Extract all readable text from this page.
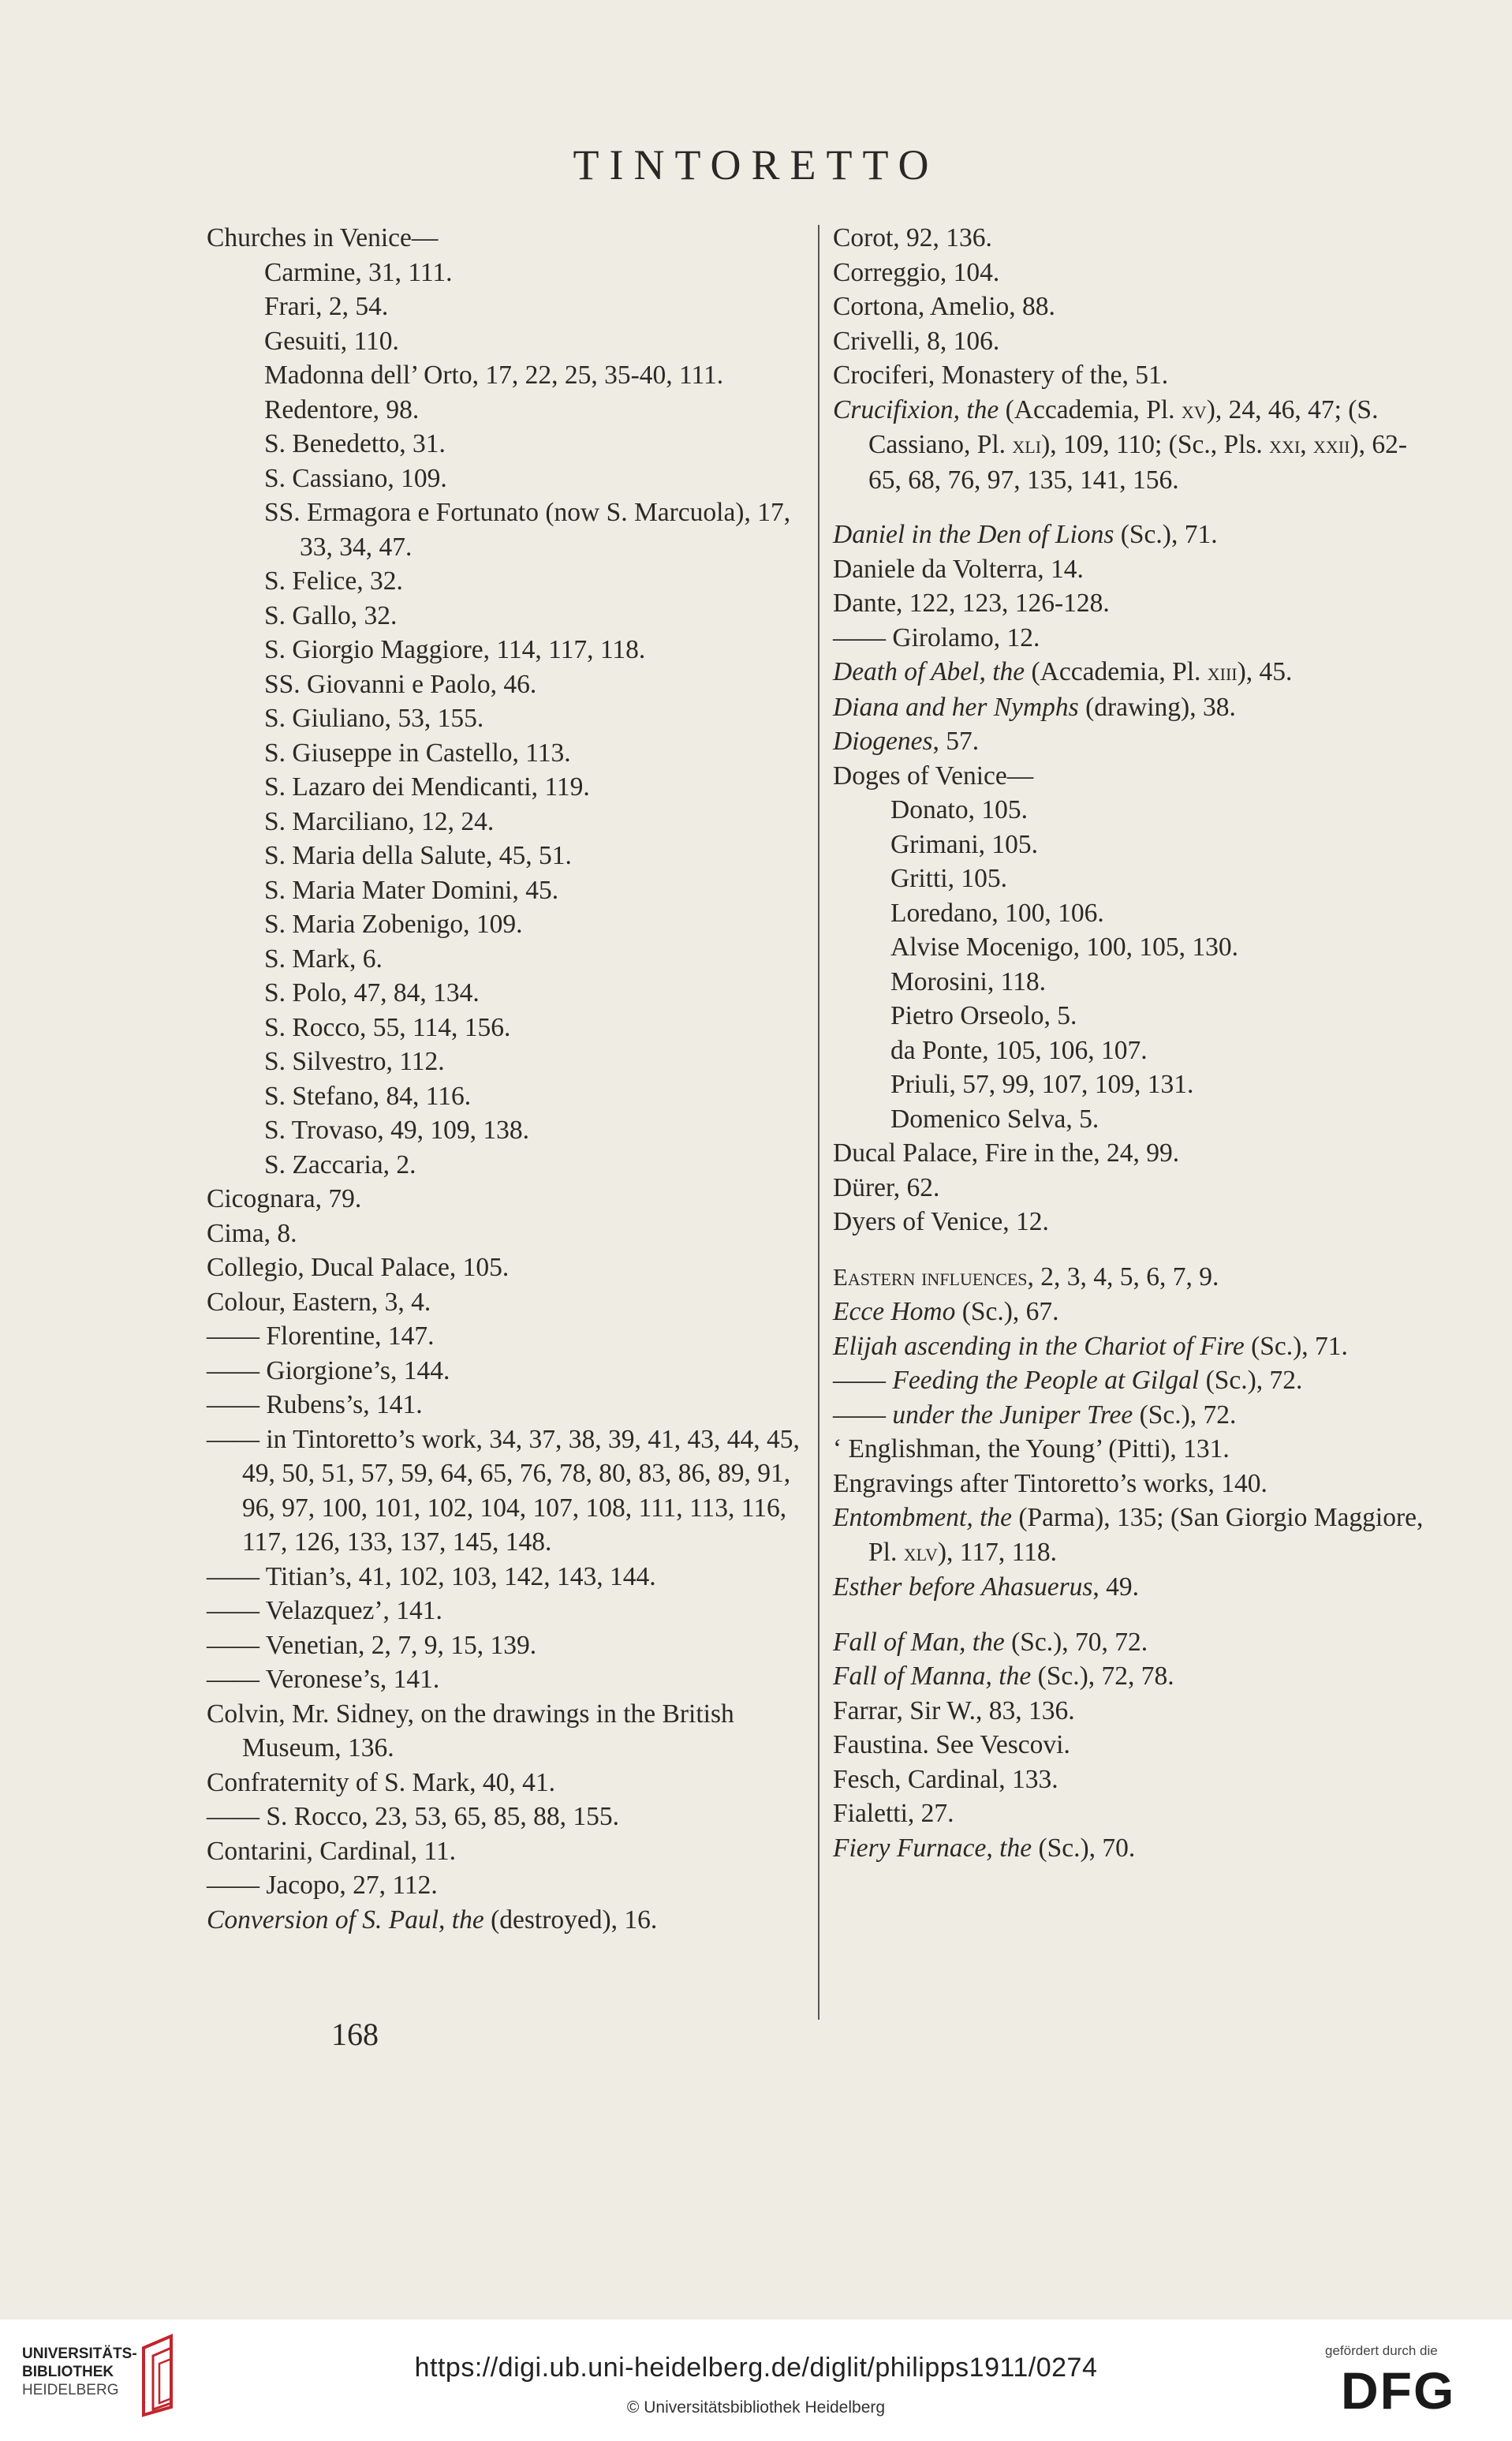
TINTORETTO

Churches in Venice—

Carmine, 31, 111.

Frari, 2, 54.

Gesuiti, 110.

Madonna dell’ Orto, 17, 22, 25, 35-40, 111.

Redentore, 98.

S. Benedetto, 31.

S. Cassiano, 109.

SS. Ermagora e Fortunato (now S. Marcuola), 17, 33, 34, 47.

S. Felice, 32.

S. Gallo, 32.

S. Giorgio Maggiore, 114, 117, 118.

SS. Giovanni e Paolo, 46.

S. Giuliano, 53, 155.

S. Giuseppe in Castello, 113.

S. Lazaro dei Mendicanti, 119.

S. Marciliano, 12, 24.

S. Maria della Salute, 45, 51.

S. Maria Mater Domini, 45.

S. Maria Zobenigo, 109.

S. Mark, 6.

S. Polo, 47, 84, 134.

S. Rocco, 55, 114, 156.

S. Silvestro, 112.

S. Stefano, 84, 116.

S. Trovaso, 49, 109, 138.

S. Zaccaria, 2.

Cicognara, 79.

Cima, 8.

Collegio, Ducal Palace, 105.

Colour, Eastern, 3, 4.

—— Florentine, 147.

—— Giorgione’s, 144.

—— Rubens’s, 141.

—— in Tintoretto’s work, 34, 37, 38, 39, 41, 43, 44, 45, 49, 50, 51, 57, 59, 64, 65, 76, 78, 80, 83, 86, 89, 91, 96, 97, 100, 101, 102, 104, 107, 108, 111, 113, 116, 117, 126, 133, 137, 145, 148.

—— Titian’s, 41, 102, 103, 142, 143, 144.

—— Velazquez’, 141.

—— Venetian, 2, 7, 9, 15, 139.

—— Veronese’s, 141.

Colvin, Mr. Sidney, on the drawings in the British Museum, 136.

Confraternity of S. Mark, 40, 41.

—— S. Rocco, 23, 53, 65, 85, 88, 155.

Contarini, Cardinal, 11.

—— Jacopo, 27, 112.

Conversion of S. Paul, the (destroyed), 16.

Corot, 92, 136.

Correggio, 104.

Cortona, Amelio, 88.

Crivelli, 8, 106.

Crociferi, Monastery of the, 51.

Crucifixion, the (Accademia, Pl. xv), 24, 46, 47; (S. Cassiano, Pl. xli), 109, 110; (Sc., Pls. xxi, xxii), 62-65, 68, 76, 97, 135, 141, 156.

Daniel in the Den of Lions (Sc.), 71.

Daniele da Volterra, 14.

Dante, 122, 123, 126-128.

—— Girolamo, 12.

Death of Abel, the (Accademia, Pl. xiii), 45.

Diana and her Nymphs (drawing), 38.

Diogenes, 57.

Doges of Venice—

Donato, 105.

Grimani, 105.

Gritti, 105.

Loredano, 100, 106.

Alvise Mocenigo, 100, 105, 130.

Morosini, 118.

Pietro Orseolo, 5.

da Ponte, 105, 106, 107.

Priuli, 57, 99, 107, 109, 131.

Domenico Selva, 5.

Ducal Palace, Fire in the, 24, 99.

Dürer, 62.

Dyers of Venice, 12.

Eastern influences, 2, 3, 4, 5, 6, 7, 9.

Ecce Homo (Sc.), 67.

Elijah ascending in the Chariot of Fire (Sc.), 71.

—— Feeding the People at Gilgal (Sc.), 72.

—— under the Juniper Tree (Sc.), 72.

‘ Englishman, the Young’ (Pitti), 131.

Engravings after Tintoretto’s works, 140.

Entombment, the (Parma), 135; (San Giorgio Maggiore, Pl. xlv), 117, 118.

Esther before Ahasuerus, 49.

Fall of Man, the (Sc.), 70, 72.

Fall of Manna, the (Sc.), 72, 78.

Farrar, Sir W., 83, 136.

Faustina. See Vescovi.

Fesch, Cardinal, 133.

Fialetti, 27.

Fiery Furnace, the (Sc.), 70.

168
UNIVERSITÄTS-
BIBLIOTHEK
HEIDELBERG
https://digi.ub.uni-heidelberg.de/diglit/philipps1911/0274
© Universitätsbibliothek Heidelberg
gefördert durch die
DFG
